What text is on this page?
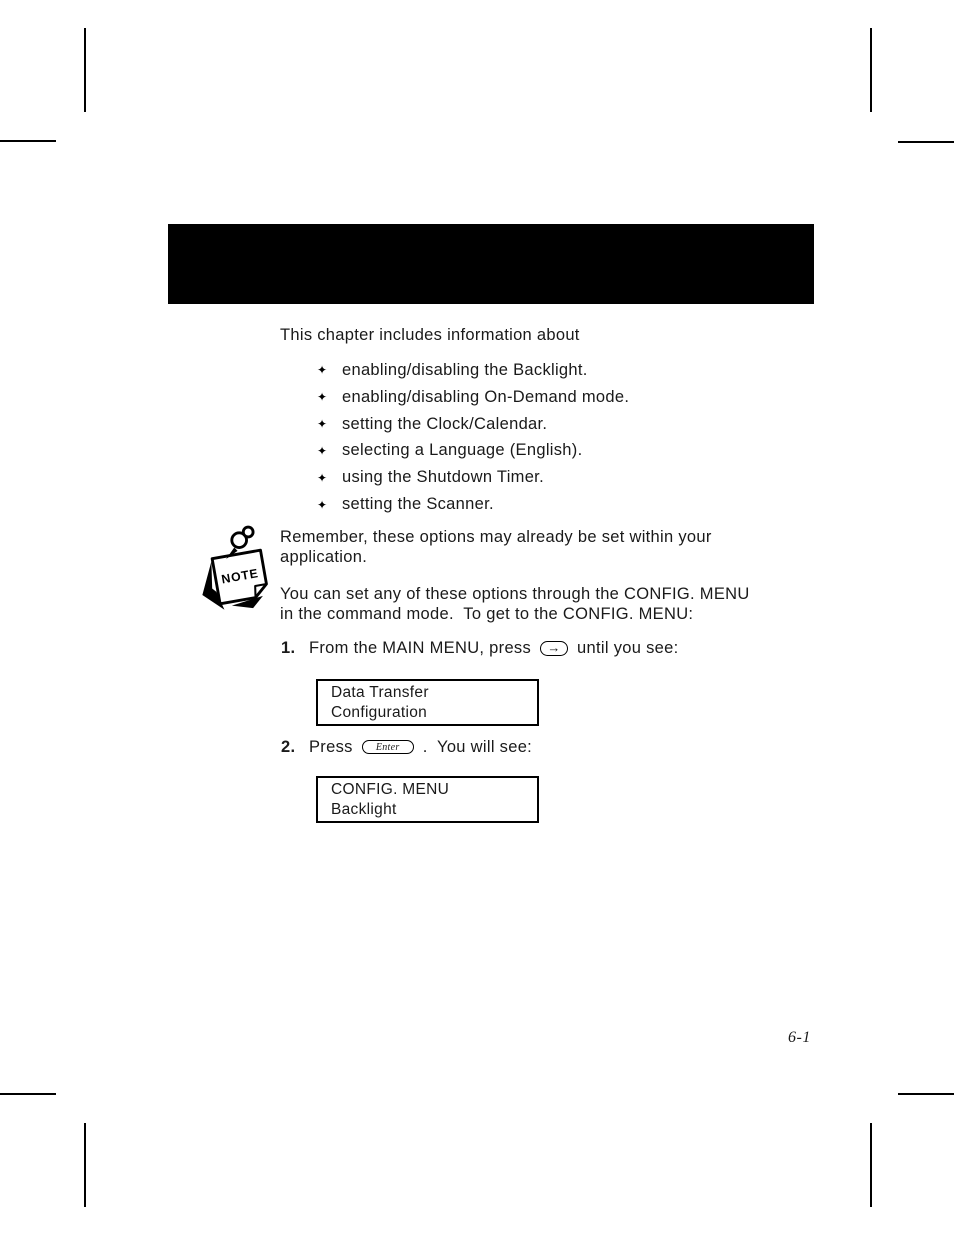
This chapter includes information about
✦ enabling/disabling the Backlight.
✦ enabling/disabling On-Demand mode.
✦ setting the Clock/Calendar.
✦ selecting a Language (English).
✦ using the Shutdown Timer.
✦ setting the Scanner.
NOTE
Remember, these options may already be set within your
application.
You can set any of these options through the CONFIG. MENU
in the command mode.  To get to the CONFIG. MENU:
1. From the MAIN MENU, press → until you see:
Data Transfer
Configuration
2. Press Enter .  You will see:
CONFIG. MENU
Backlight
6-1
